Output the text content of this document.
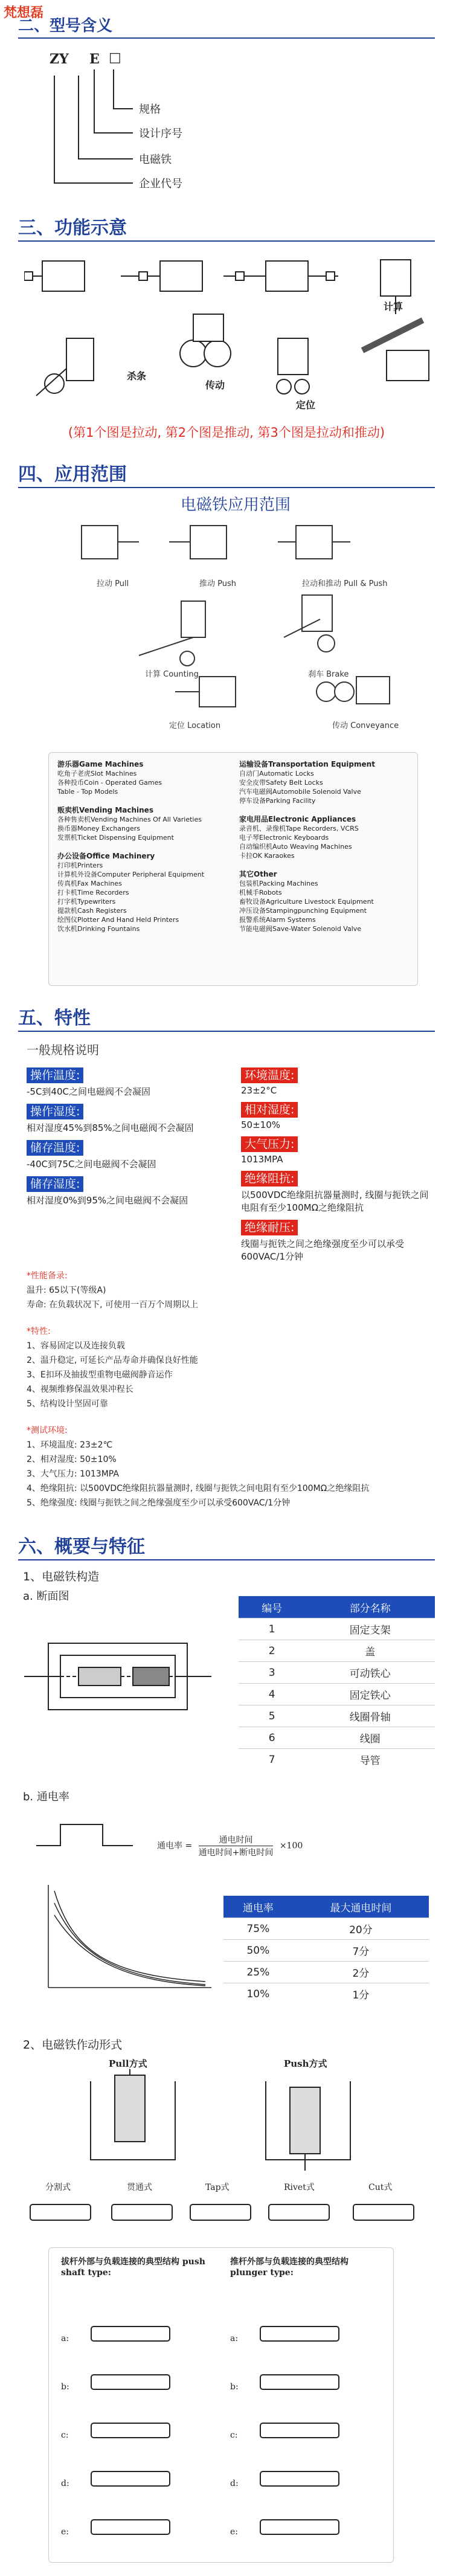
梵想磊
二、型号含义
ZY E □
规格
设计序号
电磁铁
企业代号
三、功能示意
计算
杀条
传动
定位
(第1个图是拉动, 第2个图是推动, 第3个图是拉动和推动)
四、应用范围
电磁铁应用范围
拉动 Pull	推动 Push	拉动和推动 Pull & Push
计算 Counting	刹车 Brake
定位 Location	传动 Conveyance
游乐器Game Machines
吃角子老虎Slot Machines
各种投币Coin - Operated Games
Table - Top Models
贩卖机Vending Machines
各种售卖机Vending Machines Of All Varieties
换币器Money Exchangers
发票机Ticket Dispensing Equipment
办公设备Office Machinery
打印机Printers
计算机外设备Computer Peripheral Equipment
传真机Fax Machines
打卡机Time Recorders
打字机Typewriters
提款机Cash Registers
绘图仪Plotter And Hand Held Printers
饮水机Drinking Fountains
运输设备Transportation Equipment
自动门Automatic Locks
安全皮带Safety Belt Locks
汽车电磁阀Automobile Solenoid Valve
停车设备Parking Facility
家电用品Electronic Appliances
录音机、录像机Tape Recorders, VCRS
电子琴Electronic Keyboards
自动编织机Auto Weaving Machines
卡拉OK Karaokes
其它Other
包装机Packing Machines
机械手Robots
畜牧设备Agriculture Livestock Equipment
冲压设备Stampingpunching Equipment
报警系统Alarm Systems
节能电磁阀Save-Water Solenoid Valve
五、特性
一般规格说明
操作温度:
-5C到40C之间电磁阀不会凝固
操作湿度:
相对湿度45%到85%之间电磁阀不会凝固
储存温度:
-40C到75C之间电磁阀不会凝固
储存湿度:
相对湿度0%到95%之间电磁阀不会凝固
环境温度:
23±2°C
相对湿度:
50±10%
大气压力:
1013MPA
绝缘阻抗:
以500VDC绝缘阻抗器量测时, 线圈与扼铁之间电阻有至少100MΩ之绝缘阻抗
绝缘耐压:
线圈与扼铁之间之绝缘强度至少可以承受600VAC/1分钟
*性能备录:
温升: 65以下(等级A)
寿命: 在负载状况下, 可使用一百万个周期以上
*特性:
1、容易固定以及连接负载
2、温升稳定, 可延长产品寿命并确保良好性能
3、E扣环及抽拔型重物电磁阀静音运作
4、视频维修保温效果冲程长
5、结构设计坚固可靠
*测试环境:
1、环境温度: 23±2℃
2、相对湿度: 50±10%
3、大气压力: 1013MPA
4、绝缘阻抗: 以500VDC绝缘阻抗器量测时, 线圈与扼铁之间电阻有至少100MΩ之绝缘阻抗
5、绝缘强度: 线圈与扼铁之间之绝缘强度至少可以承受600VAC/1分钟
六、概要与特征
1、电磁铁构造
a. 断面图
编号	部分名称
1	固定支架
2	盖
3	可动铁心
4	固定铁心
5	线圈骨轴
6	线圈
7	导管
b. 通电率
通电率 =
通电时间
通电时间+断电时间
×100
通电率	最大通电时间
75%	20分
50%	7分
25%	2分
10%	1分
2、电磁铁作动形式
Pull方式	Push方式
分割式	贯通式	Tap式	Rivet式	Cut式
拔杆外部与负载连接的典型结构 push shaft type:
推杆外部与负载连接的典型结构 plunger type:
a:
b:
c:
d:
e:
a:
b:
c:
d:
e:
